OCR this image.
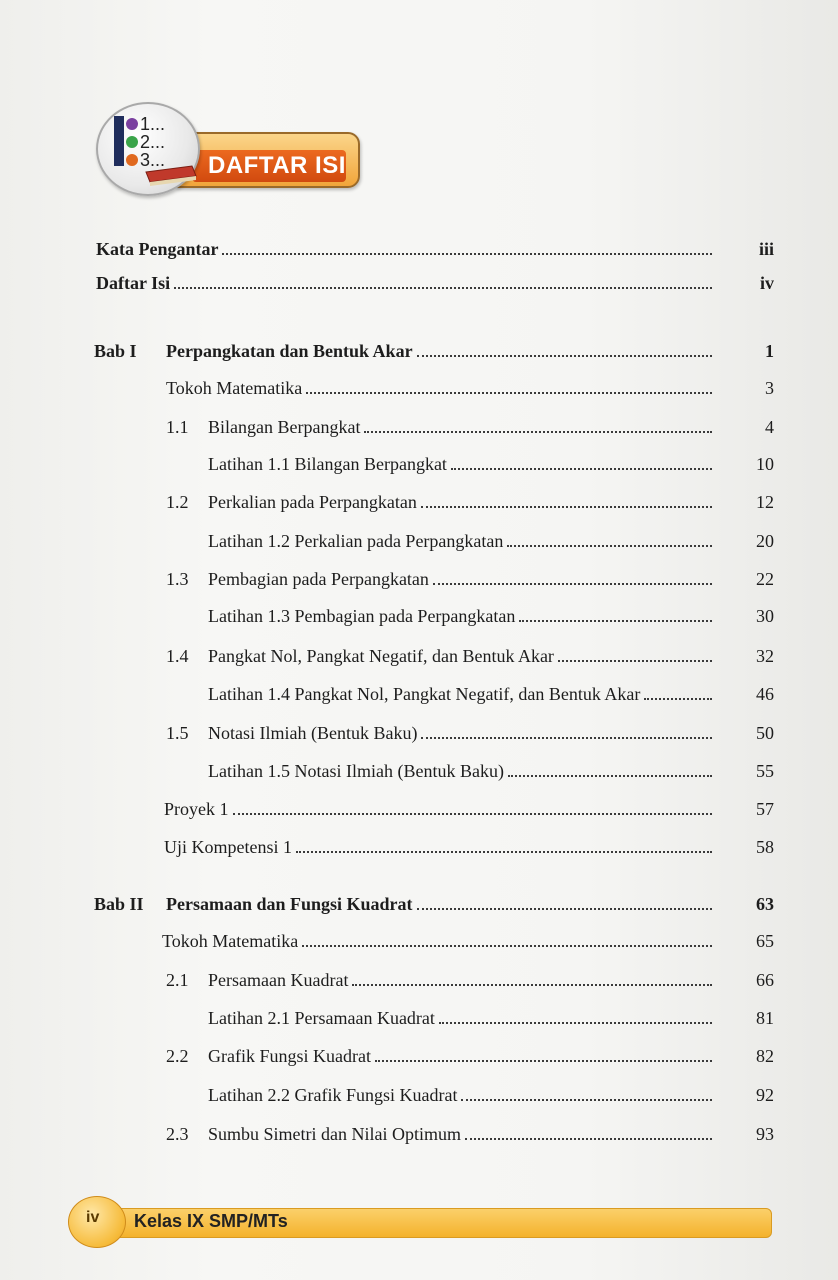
1...
2...
3... DAFTAR ISI
Kata Pengantar	iii
Daftar Isi	iv
Bab I	Perpangkatan dan Bentuk Akar	1
Tokoh Matematika	3
1.1	Bilangan Berpangkat	4
Latihan 1.1 Bilangan Berpangkat	10
1.2	Perkalian pada Perpangkatan	12
Latihan 1.2 Perkalian pada Perpangkatan	20
1.3	Pembagian pada Perpangkatan	22
Latihan 1.3 Pembagian pada Perpangkatan	30
1.4	Pangkat Nol, Pangkat Negatif, dan Bentuk Akar	32
Latihan 1.4 Pangkat Nol, Pangkat Negatif, dan Bentuk Akar	46
1.5	Notasi Ilmiah (Bentuk Baku)	50
Latihan 1.5 Notasi Ilmiah (Bentuk Baku)	55
Proyek 1	57
Uji Kompetensi 1	58
Bab II	Persamaan dan Fungsi Kuadrat	63
Tokoh Matematika	65
2.1	Persamaan Kuadrat	66
Latihan 2.1 Persamaan Kuadrat	81
2.2	Grafik Fungsi Kuadrat	82
Latihan 2.2 Grafik Fungsi Kuadrat	92
2.3	Sumbu Simetri dan Nilai Optimum	93
iv Kelas IX SMP/MTs
